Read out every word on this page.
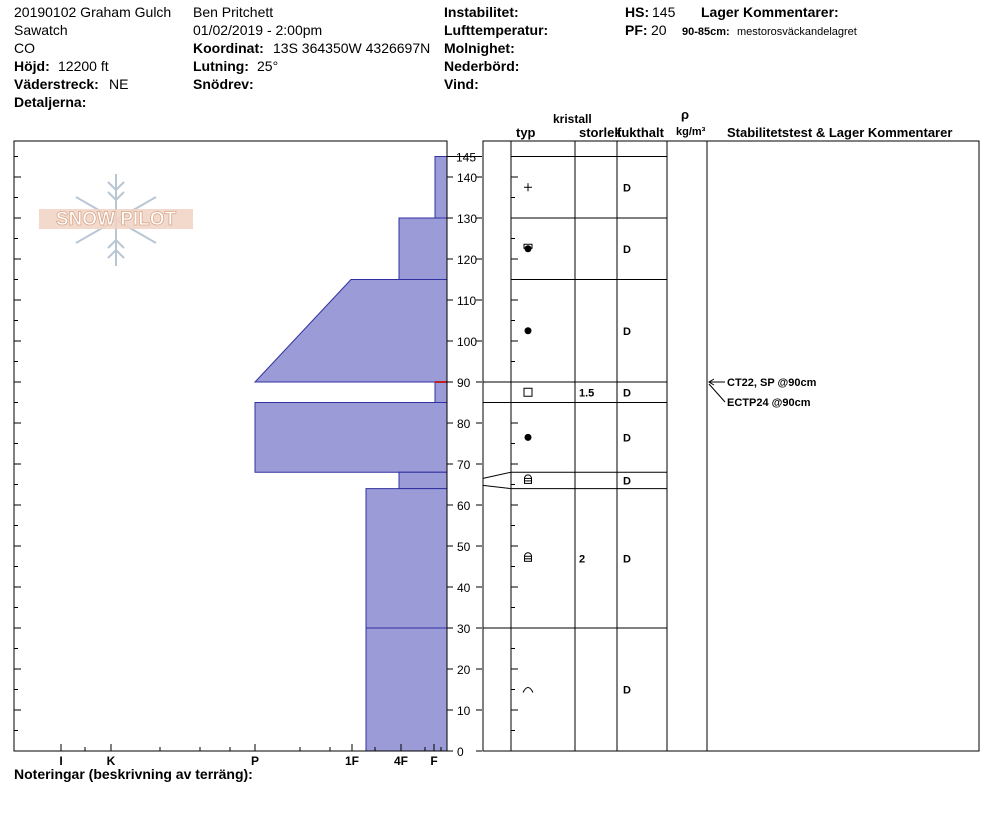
20190102 Graham Gulch
Sawatch
CO
Höjd: 12200 ft
Väderstreck: NE
Detaljerna:
Ben Pritchett
01/02/2019 - 2:00pm
Koordinat: 13S 364350W 4326697N
Lutning: 25°
Snödrev:
Instabilitet:
Lufttemperatur:
Molnighet:
Nederbörd:
Vind:
HS: 145
PF: 20
Lager Kommentarer:
90-85cm: mestorosväckandelagret
kristall
typ	storlek
fukthalt
ρ
kg/m³ Stabilitetstest & Lager Kommentarer
I	K	P	1F	4F F
0
10
20
30
40
50
60
70
80
90
100
110
120
130
140
145
D
D
D
1.5	D
D
D
2	D
D
CT22, SP @90cm
ECTP24 @90cm
SNOW PILOT
Noteringar (beskrivning av terräng):
